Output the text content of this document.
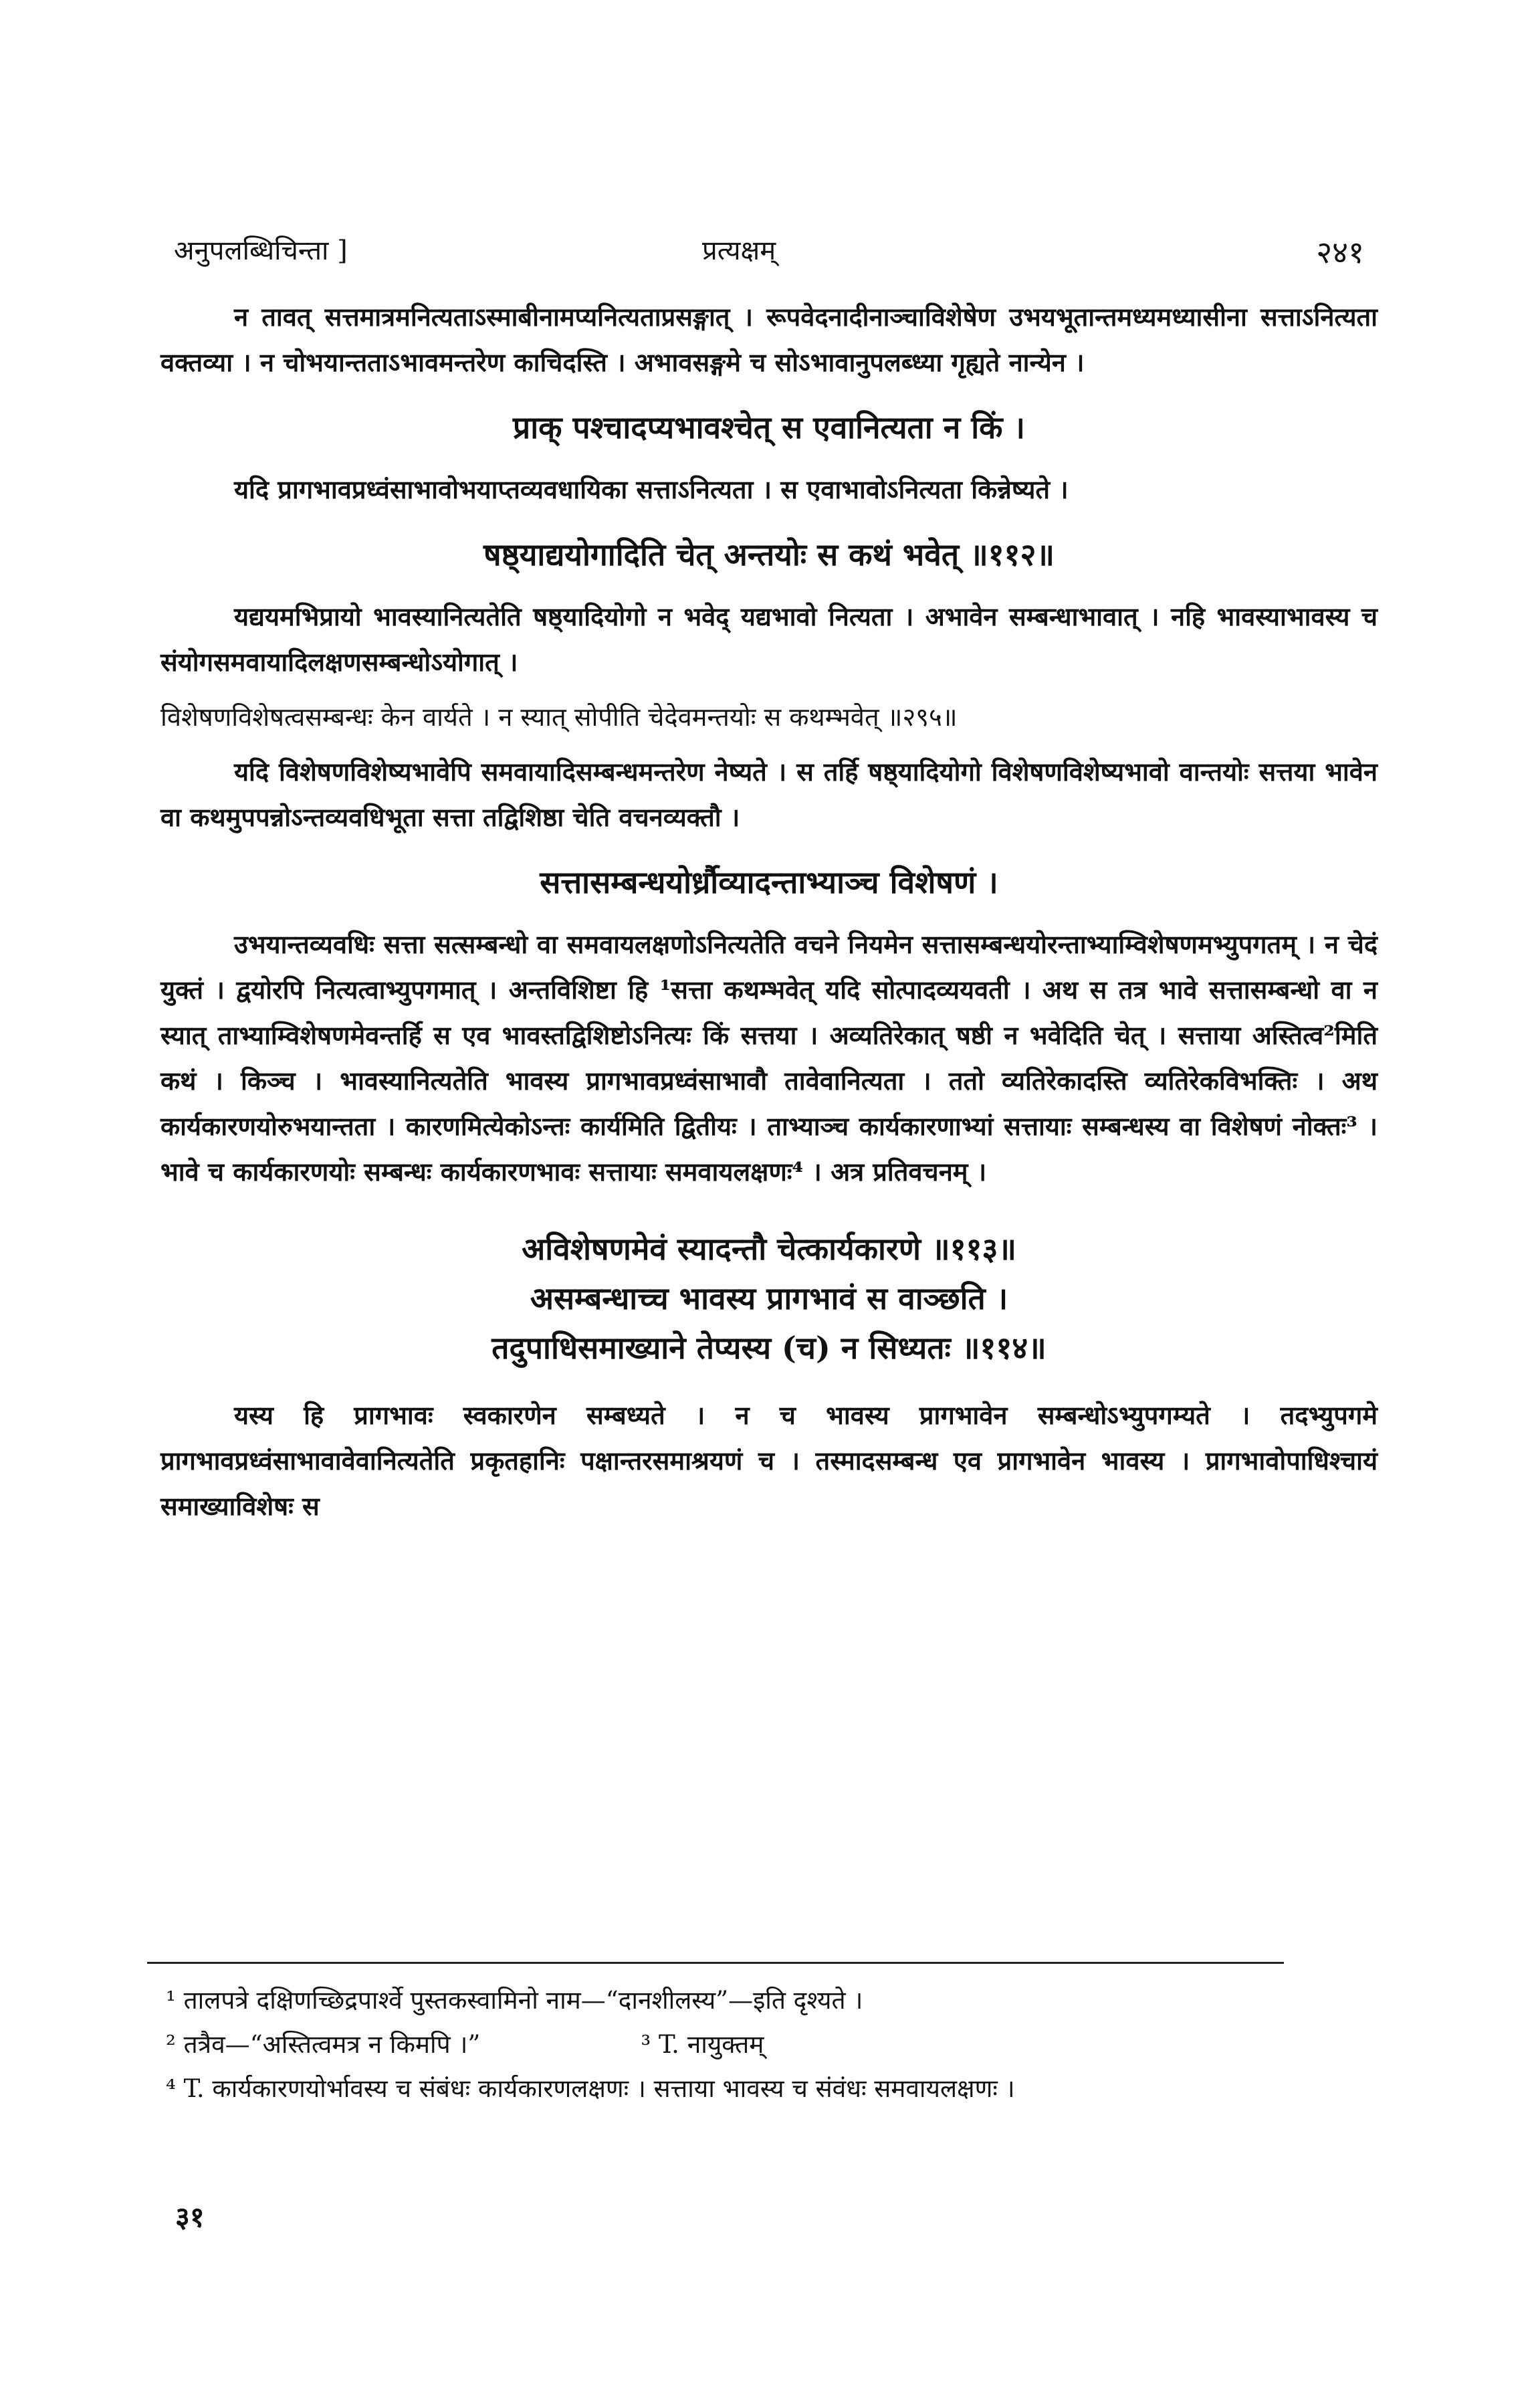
अनुपलब्धिचिन्ता ]	प्रत्यक्षम्	२४१

न तावत् सत्तमात्रमनित्यताऽस्माबीनामप्यनित्यताप्रसङ्गात् । रूपवेदनादीनाञ्चाविशेषेण उभयभूतान्तमध्यमध्यासीना सत्ताऽनित्यता वक्तव्या । न चोभयान्तताऽभावमन्तरेण काचिदस्ति । अभावसङ्गमे च सोऽभावानुपलब्ध्या गृह्यते नान्येन ।

प्राक् पश्चादप्यभावश्चेत् स एवानित्यता न किं ।

यदि प्रागभावप्रध्वंसाभावोभयाप्तव्यवधायिका सत्ताऽनित्यता । स एवाभावोऽनित्यता किन्नेष्यते ।

षष्ठ्याद्ययोगादिति चेत् अन्तयोः स कथं भवेत् ॥११२॥

यद्ययमभिप्रायो भावस्यानित्यतेति षष्ठ्यादियोगो न भवेद् यद्यभावो नित्यता । अभावेन सम्बन्धाभावात् । नहि भावस्याभावस्य च संयोगसमवायादिलक्षणसम्बन्धोऽयोगात् ।

विशेषणविशेषत्वसम्बन्धः केन वार्यते । न स्यात् सोपीति चेदेवमन्तयोः स कथम्भवेत् ॥२९५॥

यदि विशेषणविशेष्यभावेपि समवायादिसम्बन्धमन्तरेण नेष्यते । स तर्हि षष्ठ्यादियोगो विशेषणविशेष्यभावो वान्तयोः सत्तया भावेन वा कथमुपपन्नोऽन्तव्यवधिभूता सत्ता तद्विशिष्ठा चेति वचनव्यक्तौ ।

सत्तासम्बन्धयोर्ध्रौव्यादन्ताभ्याञ्च विशेषणं ।

उभयान्तव्यवधिः सत्ता सत्सम्बन्धो वा समवायलक्षणोऽनित्यतेति वचने नियमेन सत्तासम्बन्धयोरन्ताभ्याम्विशेषणमभ्युपगतम् । न चेदं युक्तं । द्वयोरपि नित्यत्वाभ्युपगमात् । अन्तविशिष्टा हि ¹सत्ता कथम्भवेत् यदि सोत्पादव्ययवती । अथ स तत्र भावे सत्तासम्बन्धो वा न स्यात् ताभ्याम्विशेषणमेवन्तर्हि स एव भावस्तद्विशिष्टोऽनित्यः किं सत्तया । अव्यतिरेकात् षष्ठी न भवेदिति चेत् । सत्ताया अस्तित्व²मिति कथं । किञ्च । भावस्यानित्यतेति भावस्य प्रागभावप्रध्वंसाभावौ तावेवानित्यता । ततो व्यतिरेकादस्ति व्यतिरेकविभक्तिः । अथ कार्यकारणयोरुभयान्तता । कारणमित्येकोऽन्तः कार्यमिति द्वितीयः । ताभ्याञ्च कार्यकारणाभ्यां सत्तायाः सम्बन्धस्य वा विशेषणं नोक्तः³ । भावे च कार्यकारणयोः सम्बन्धः कार्यकारणभावः सत्तायाः समवायलक्षणः⁴ । अत्र प्रतिवचनम् ।

अविशेषणमेवं स्यादन्तौ चेत्कार्यकारणे ॥११३॥
असम्बन्धाच्च भावस्य प्रागभावं स वाञ्छति ।
तदुपाधिसमाख्याने तेप्यस्य (च) न सिध्यतः ॥११४॥

यस्य हि प्रागभावः स्वकारणेन सम्बध्यते । न च भावस्य प्रागभावेन सम्बन्धोऽभ्युपगम्यते । तदभ्युपगमे प्रागभावप्रध्वंसाभावावेवानित्यतेति प्रकृतहानिः पक्षान्तरसमाश्रयणं च । तस्मादसम्बन्ध एव प्रागभावेन भावस्य । प्रागभावोपाधिश्चायं समाख्याविशेषः स

¹ तालपत्रे दक्षिणच्छिद्रपार्श्वे पुस्तकस्वामिनो नाम—“दानशीलस्य”—इति दृश्यते ।

² तत्रैव—“अस्तित्वमत्र न किमपि ।”	³ T. नायुक्तम्

⁴ T. कार्यकारणयोर्भावस्य च संबंधः कार्यकारणलक्षणः । सत्ताया भावस्य च संवंधः समवायलक्षणः ।

३१
